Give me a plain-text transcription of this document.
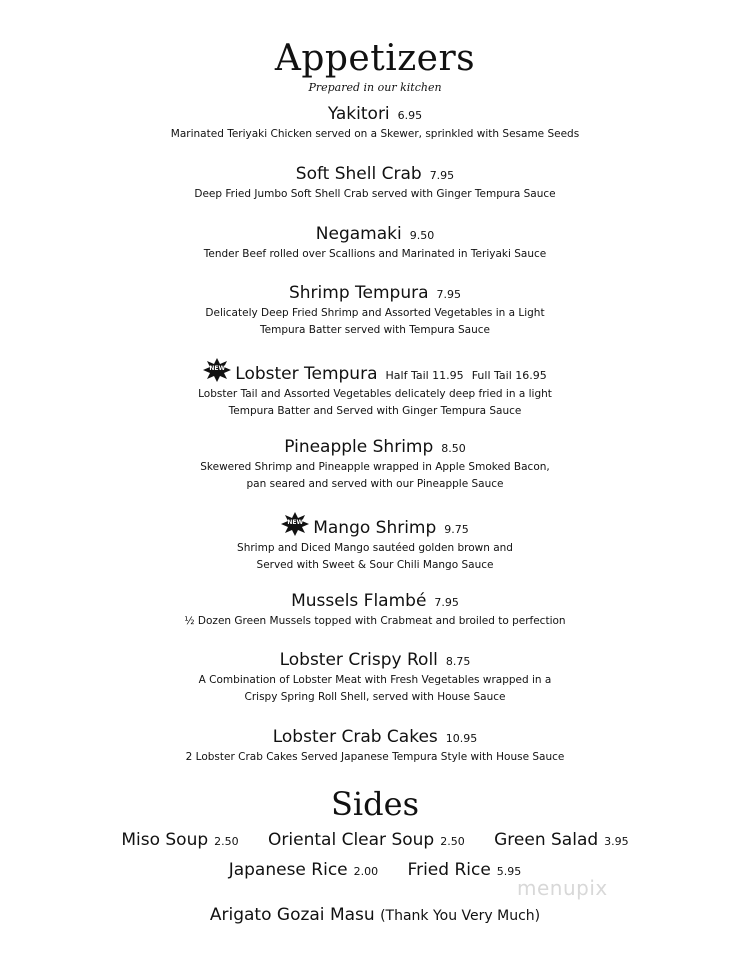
Appetizers
Prepared in our kitchen
Yakitori 6.95
Marinated Teriyaki Chicken served on a Skewer, sprinkled with Sesame Seeds
Soft Shell Crab 7.95
Deep Fried Jumbo Soft Shell Crab served with Ginger Tempura Sauce
Negamaki 9.50
Tender Beef rolled over Scallions and Marinated in Teriyaki Sauce
Shrimp Tempura 7.95
Delicately Deep Fried Shrimp and Assorted Vegetables in a Light
Tempura Batter served with Tempura Sauce
NEW Lobster Tempura Half Tail 11.95 Full Tail 16.95
Lobster Tail and Assorted Vegetables delicately deep fried in a light
Tempura Batter and Served with Ginger Tempura Sauce
Pineapple Shrimp 8.50
Skewered Shrimp and Pineapple wrapped in Apple Smoked Bacon,
pan seared and served with our Pineapple Sauce
NEW Mango Shrimp 9.75
Shrimp and Diced Mango sautéed golden brown and
Served with Sweet & Sour Chili Mango Sauce
Mussels Flambé 7.95
½ Dozen Green Mussels topped with Crabmeat and broiled to perfection
Lobster Crispy Roll 8.75
A Combination of Lobster Meat with Fresh Vegetables wrapped in a
Crispy Spring Roll Shell, served with House Sauce
Lobster Crab Cakes 10.95
2 Lobster Crab Cakes Served Japanese Tempura Style with House Sauce
Sides
Miso Soup 2.50 Oriental Clear Soup 2.50 Green Salad 3.95
Japanese Rice 2.00 Fried Rice 5.95
menupix
Arigato Gozai Masu (Thank You Very Much)
